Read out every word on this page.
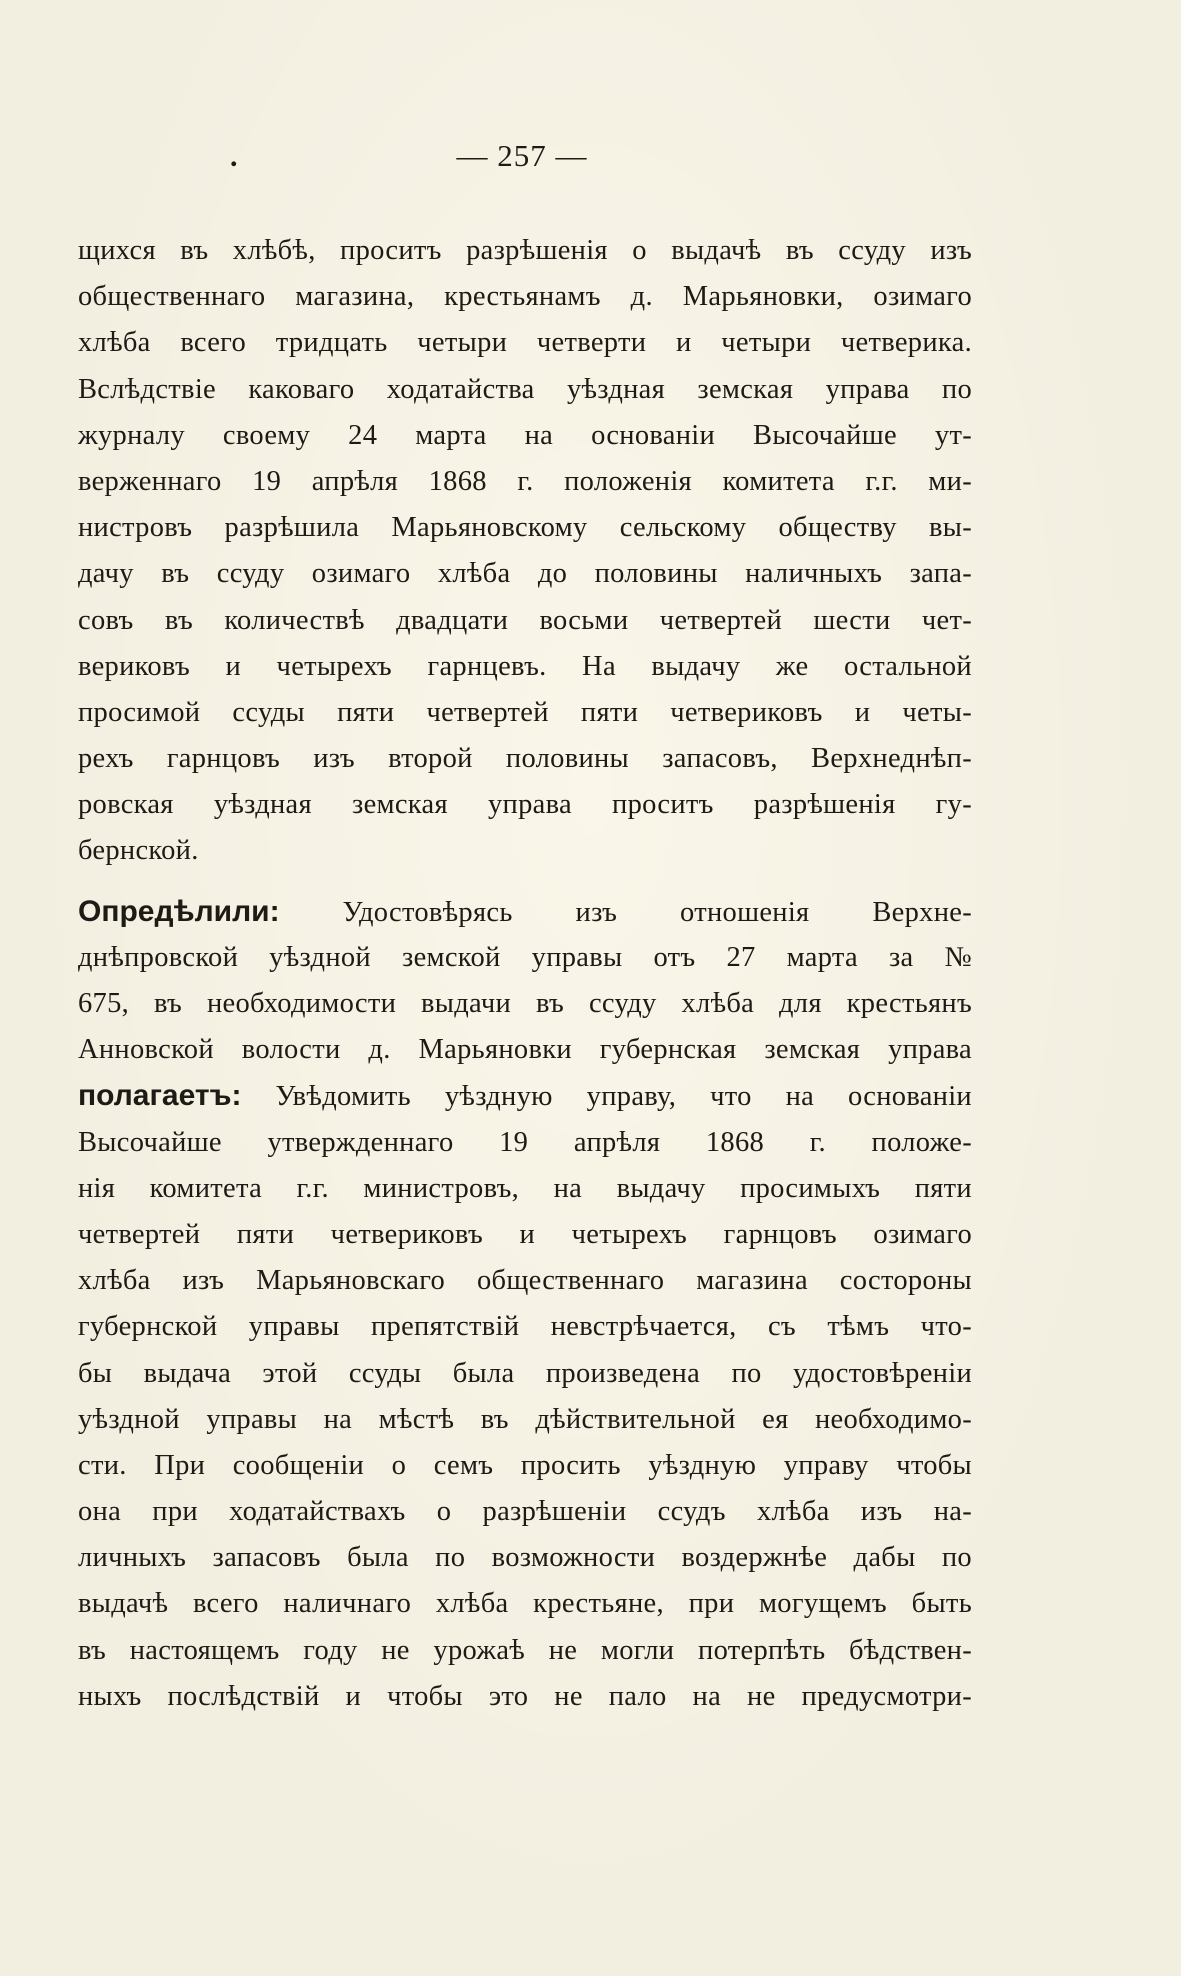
.	— 257 —
щихся въ хлѣбѣ, проситъ разрѣшенія о выдачѣ въ ссуду изъ
общественнаго магазина, крестьянамъ д. Марьяновки, озимаго
хлѣба всего тридцать четыри четверти и четыри четверика.
Вслѣдствіе каковаго ходатайства уѣздная земская управа по
журналу своему 24 марта на основаніи Высочайше ут-
верженнаго 19 апрѣля 1868 г. положенія комитета г.г. ми-
нистровъ разрѣшила Марьяновскому сельскому обществу вы-
дачу въ ссуду озимаго хлѣба до половины наличныхъ запа-
совъ въ количествѣ двадцати восьми четвертей шести чет-
вериковъ и четырехъ гарнцевъ. На выдачу же остальной
просимой ссуды пяти четвертей пяти четвериковъ и четы-
рехъ гарнцовъ изъ второй половины запасовъ, Верхнеднѣп-
ровская уѣздная земская управа проситъ разрѣшенія гу-
бернской.
Опредѣлили: Удостовѣрясь изъ отношенія Верхне-
днѣпровской уѣздной земской управы отъ 27 марта за №
675, въ необходимости выдачи въ ссуду хлѣба для крестьянъ
Анновской волости д. Марьяновки губернская земская управа
полагаетъ: Увѣдомить уѣздную управу, что на основаніи
Высочайше утвержденнаго 19 апрѣля 1868 г. положе-
нія комитета г.г. министровъ, на выдачу просимыхъ пяти
четвертей пяти четвериковъ и четырехъ гарнцовъ озимаго
хлѣба изъ Марьяновскаго общественнаго магазина состороны
губернской управы препятствій невстрѣчается, съ тѣмъ что-
бы выдача этой ссуды была произведена по удостовѣреніи
уѣздной управы на мѣстѣ въ дѣйствительной ея необходимо-
сти. При сообщеніи о семъ просить уѣздную управу чтобы
она при ходатайствахъ о разрѣшеніи ссудъ хлѣба изъ на-
личныхъ запасовъ была по возможности воздержнѣе дабы по
выдачѣ всего наличнаго хлѣба крестьяне, при могущемъ быть
въ настоящемъ году не урожаѣ не могли потерпѣть бѣдствен-
ныхъ послѣдствій и чтобы это не пало на не предусмотри-
